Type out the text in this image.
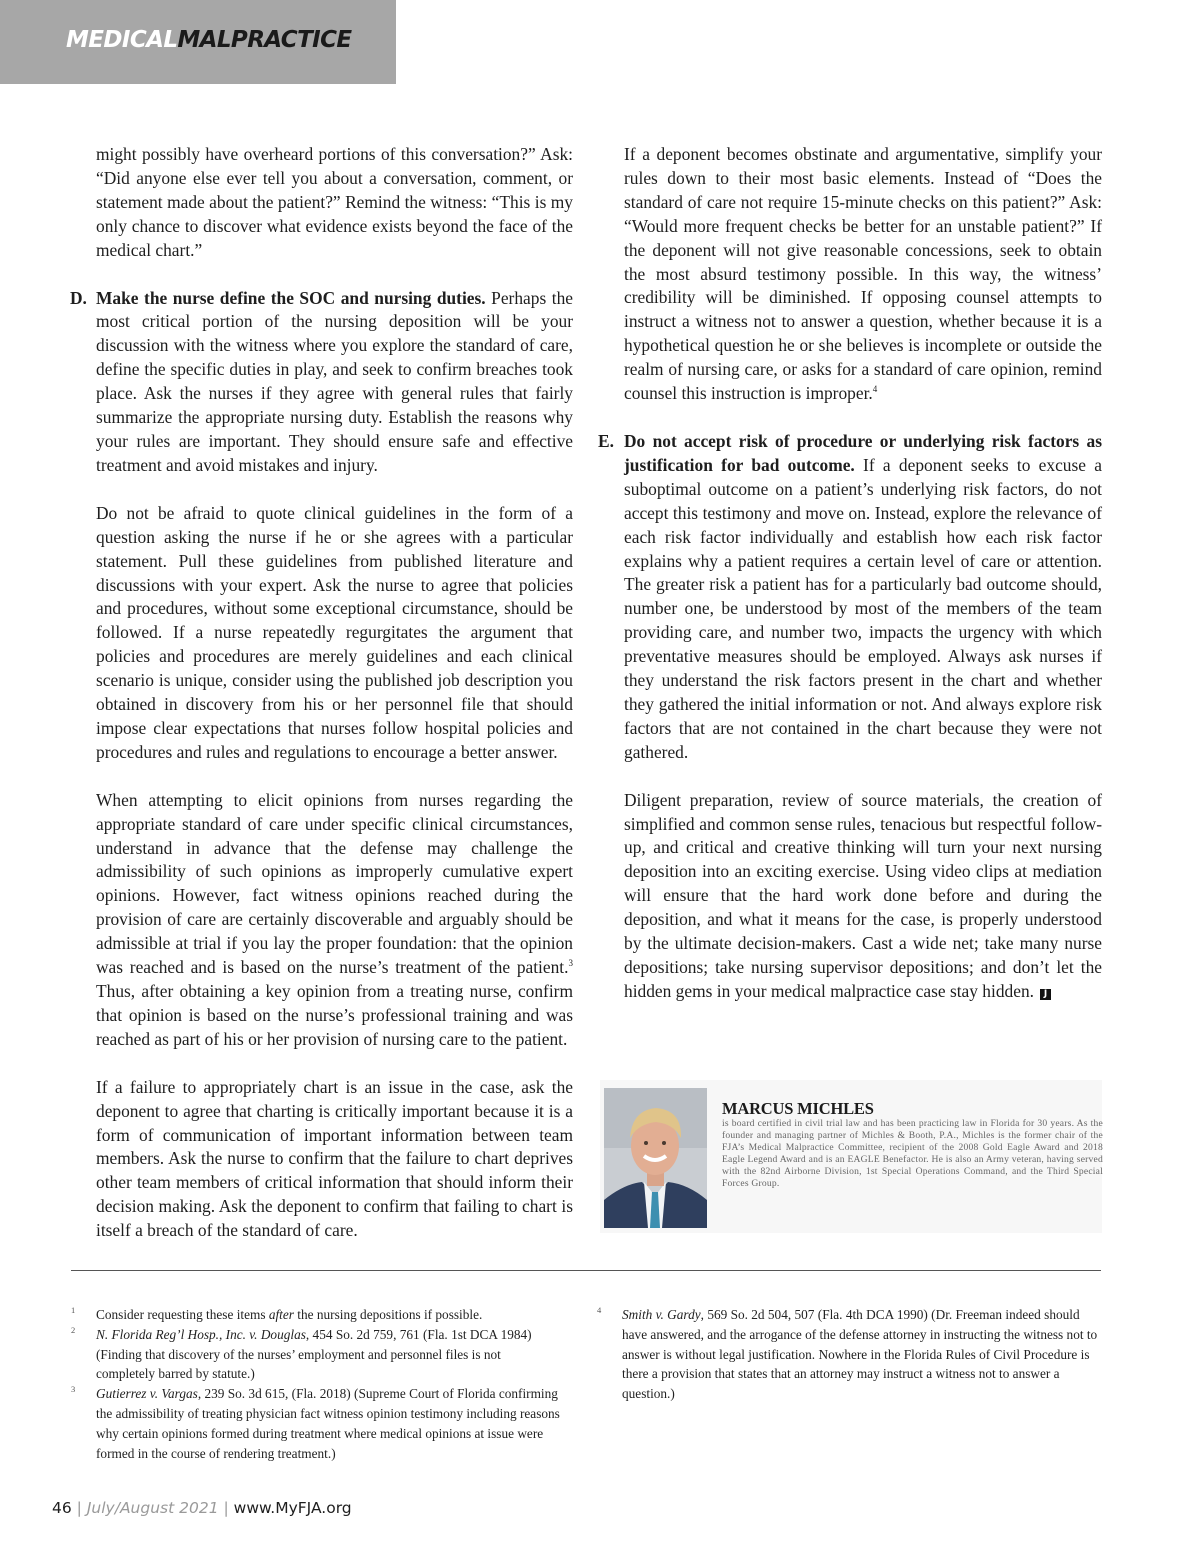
MEDICALMALPRACTICE

might possibly have overheard portions of this conversation?” Ask: “Did anyone else ever tell you about a conversation, comment, or statement made about the patient?” Remind the witness: “This is my only chance to discover what evidence exists beyond the face of the medical chart.”

D. Make the nurse define the SOC and nursing duties. Perhaps the most critical portion of the nursing deposition will be your discussion with the witness where you explore the standard of care, define the specific duties in play, and seek to confirm breaches took place. Ask the nurses if they agree with general rules that fairly summarize the appropriate nursing duty. Establish the reasons why your rules are important. They should ensure safe and effective treatment and avoid mistakes and injury.

Do not be afraid to quote clinical guidelines in the form of a question asking the nurse if he or she agrees with a particular statement. Pull these guidelines from published literature and discussions with your expert. Ask the nurse to agree that policies and procedures, without some exceptional circumstance, should be followed. If a nurse repeatedly regurgitates the argument that policies and procedures are merely guidelines and each clinical scenario is unique, consider using the published job description you obtained in discovery from his or her personnel file that should impose clear expectations that nurses follow hospital policies and procedures and rules and regulations to encourage a better answer.

When attempting to elicit opinions from nurses regarding the appropriate standard of care under specific clinical circumstances, understand in advance that the defense may challenge the admissibility of such opinions as improperly cumulative expert opinions. However, fact witness opinions reached during the provision of care are certainly discoverable and arguably should be admissible at trial if you lay the proper foundation: that the opinion was reached and is based on the nurse’s treatment of the patient.$^3$ Thus, after obtaining a key opinion from a treating nurse, confirm that opinion is based on the nurse’s professional training and was reached as part of his or her provision of nursing care to the patient.

If a failure to appropriately chart is an issue in the case, ask the deponent to agree that charting is critically important because it is a form of communication of important information between team members. Ask the nurse to confirm that the failure to chart deprives other team members of critical information that should inform their decision making. Ask the deponent to confirm that failing to chart is itself a breach of the standard of care.

If a deponent becomes obstinate and argumentative, simplify your rules down to their most basic elements. Instead of “Does the standard of care not require 15-minute checks on this patient?” Ask: “Would more frequent checks be better for an unstable patient?” If the deponent will not give reasonable concessions, seek to obtain the most absurd testimony possible. In this way, the witness’ credibility will be diminished. If opposing counsel attempts to instruct a witness not to answer a question, whether because it is a hypothetical question he or she believes is incomplete or outside the realm of nursing care, or asks for a standard of care opinion, remind counsel this instruction is improper.$^4$

E. Do not accept risk of procedure or underlying risk factors as justification for bad outcome. If a deponent seeks to excuse a suboptimal outcome on a patient’s underlying risk factors, do not accept this testimony and move on. Instead, explore the relevance of each risk factor individually and establish how each risk factor explains why a patient requires a certain level of care or attention. The greater risk a patient has for a particularly bad outcome should, number one, be understood by most of the members of the team providing care, and number two, impacts the urgency with which preventative measures should be employed. Always ask nurses if they understand the risk factors present in the chart and whether they gathered the initial information or not. And always explore risk factors that are not contained in the chart because they were not gathered.

Diligent preparation, review of source materials, the creation of simplified and common sense rules, tenacious but respectful follow-up, and critical and creative thinking will turn your next nursing deposition into an exciting exercise. Using video clips at mediation will ensure that the hard work done before and during the deposition, and what it means for the case, is properly understood by the ultimate decision-makers. Cast a wide net; take many nurse depositions; take nursing supervisor depositions; and don’t let the hidden gems in your medical malpractice case stay hidden. J

MARCUS MICHLES

is board certified in civil trial law and has been practicing law in Florida for 30 years. As the founder and managing partner of Michles & Booth, P.A., Michles is the former chair of the FJA’s Medical Malpractice Committee, recipient of the 2008 Gold Eagle Award and 2018 Eagle Legend Award and is an EAGLE Benefactor. He is also an Army veteran, having served with the 82nd Airborne Division, 1st Special Operations Command, and the Third Special Forces Group.

1 Consider requesting these items after the nursing depositions if possible.
2 N. Florida Reg’l Hosp., Inc. v. Douglas, 454 So. 2d 759, 761 (Fla. 1st DCA 1984) (Finding that discovery of the nurses’ employment and personnel files is not completely barred by statute.)
3 Gutierrez v. Vargas, 239 So. 3d 615, (Fla. 2018) (Supreme Court of Florida confirming the admissibility of treating physician fact witness opinion testimony including reasons why certain opinions formed during treatment where medical opinions at issue were formed in the course of rendering treatment.)
4 Smith v. Gardy, 569 So. 2d 504, 507 (Fla. 4th DCA 1990) (Dr. Freeman indeed should have answered, and the arrogance of the defense attorney in instructing the witness not to answer is without legal justification. Nowhere in the Florida Rules of Civil Procedure is there a provision that states that an attorney may instruct a witness not to answer a question.)

46 | July/August 2021 | www.MyFJA.org
